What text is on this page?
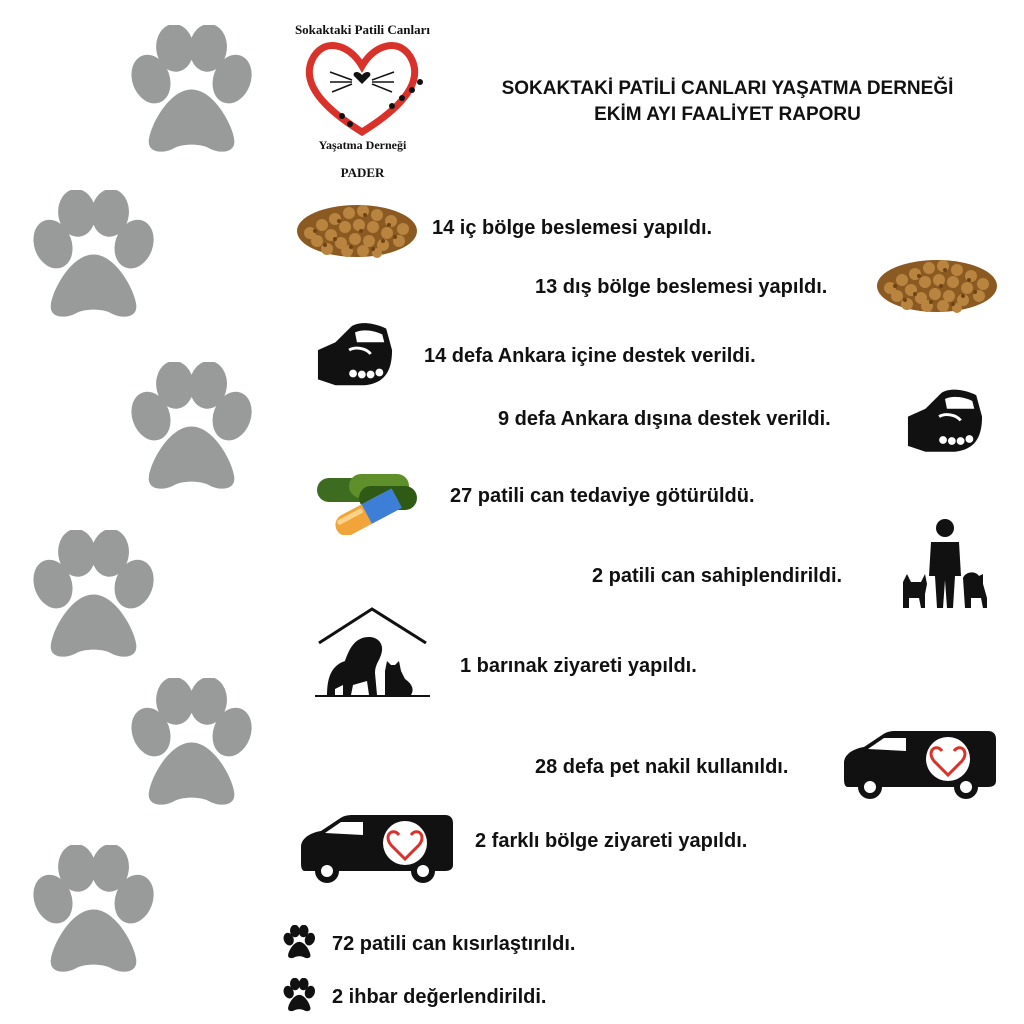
Sokaktaki Patili Canları
Yaşatma Derneği
PADER
SOKAKTAKİ PATİLİ CANLARI YAŞATMA DERNEĞİ
EKİM AYI FAALİYET RAPORU
14 iç bölge beslemesi yapıldı.
13 dış bölge beslemesi yapıldı.
14 defa Ankara içine destek verildi.
9 defa Ankara dışına destek verildi.
27 patili can tedaviye götürüldü.
2 patili can sahiplendirildi.
1 barınak ziyareti yapıldı.
28 defa pet nakil kullanıldı.
2 farklı bölge ziyareti yapıldı.
72 patili can kısırlaştırıldı.
2 ihbar değerlendirildi.
